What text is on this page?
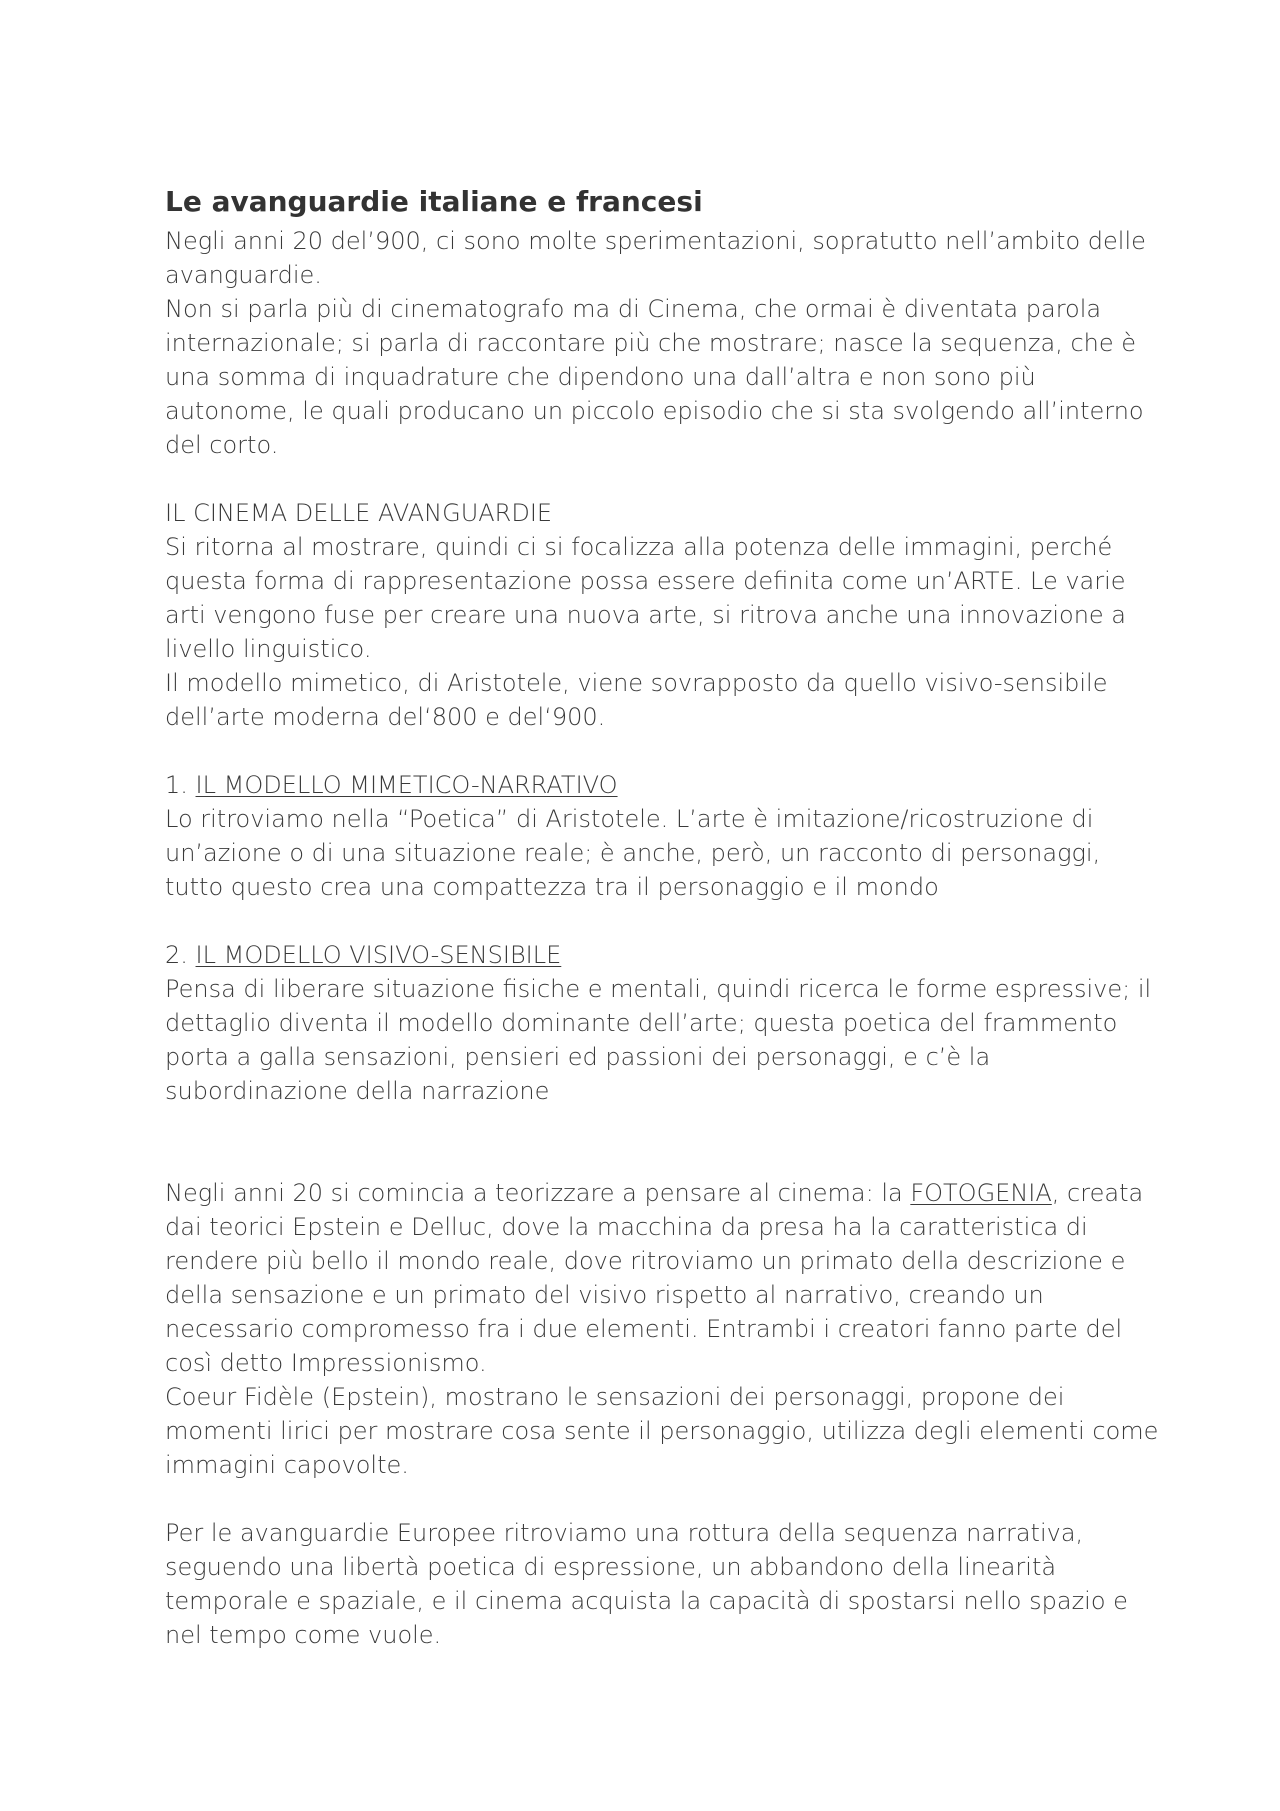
Le avanguardie italiane e francesi

Negli anni 20 del’900, ci sono molte sperimentazioni, sopratutto nell’ambito delle avanguardie.

Non si parla più di cinematografo ma di Cinema, che ormai è diventata parola internazionale; si parla di raccontare più che mostrare; nasce la sequenza, che è una somma di inquadrature che dipendono una dall’altra e non sono più autonome, le quali producano un piccolo episodio che si sta svolgendo all’interno del corto.

IL CINEMA DELLE AVANGUARDIE

Si ritorna al mostrare, quindi ci si focalizza alla potenza delle immagini, perché questa forma di rappresentazione possa essere definita come un’ARTE. Le varie arti vengono fuse per creare una nuova arte, si ritrova anche una innovazione a livello linguistico.

Il modello mimetico, di Aristotele, viene sovrapposto da quello visivo-sensibile dell’arte moderna del‘800 e del‘900.

1. IL MODELLO MIMETICO-NARRATIVO

Lo ritroviamo nella “Poetica” di Aristotele. L’arte è imitazione/ricostruzione di un’azione o di una situazione reale; è anche, però, un racconto di personaggi, tutto questo crea una compattezza tra il personaggio e il mondo

2. IL MODELLO VISIVO-SENSIBILE

Pensa di liberare situazione fisiche e mentali, quindi ricerca le forme espressive; il dettaglio diventa il modello dominante dell’arte; questa poetica del frammento porta a galla sensazioni, pensieri ed passioni dei personaggi, e c’è la subordinazione della narrazione

Negli anni 20 si comincia a teorizzare a pensare al cinema: la FOTOGENIA, creata dai teorici Epstein e Delluc, dove la macchina da presa ha la caratteristica di rendere più bello il mondo reale, dove ritroviamo un primato della descrizione e della sensazione e un primato del visivo rispetto al narrativo, creando un necessario compromesso fra i due elementi. Entrambi i creatori fanno parte del così detto Impressionismo.

Coeur Fidèle (Epstein), mostrano le sensazioni dei personaggi, propone dei momenti lirici per mostrare cosa sente il personaggio, utilizza degli elementi come immagini capovolte.

Per le avanguardie Europee ritroviamo una rottura della sequenza narrativa, seguendo una libertà poetica di espressione, un abbandono della linearità temporale e spaziale, e il cinema acquista la capacità di spostarsi nello spazio e nel tempo come vuole.
